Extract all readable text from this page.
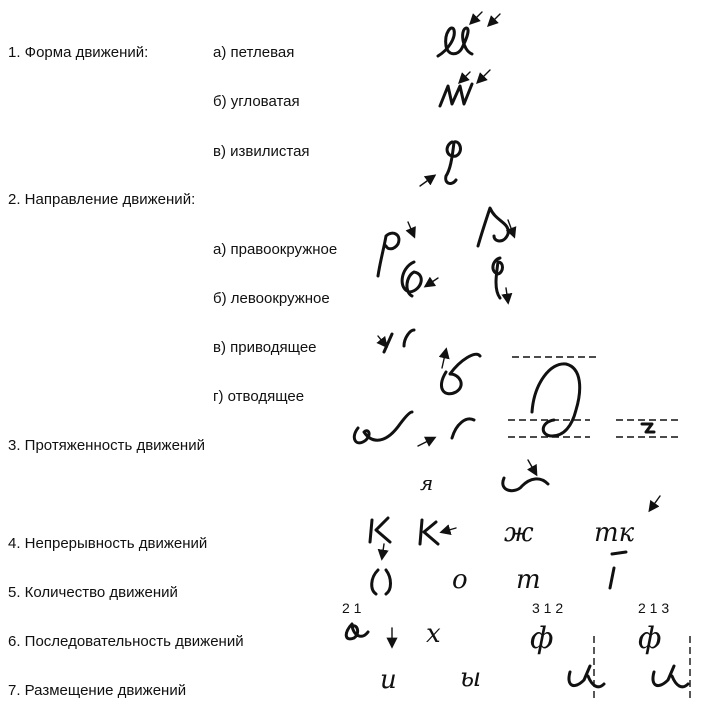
1. Форма движений:	а) петлевая
б) угловатая
в) извилистая
2. Направление движений:
а) правоокружное
б) левоокружное
в) приводящее
г) отводящее
3. Протяженность движений
4. Непрерывность движений
5. Количество движений
6. Последовательность движений
7. Размещение движений
я
ж тк
о т
2 1	3 1 2	2 1 3
х	ф	ф
и ы
